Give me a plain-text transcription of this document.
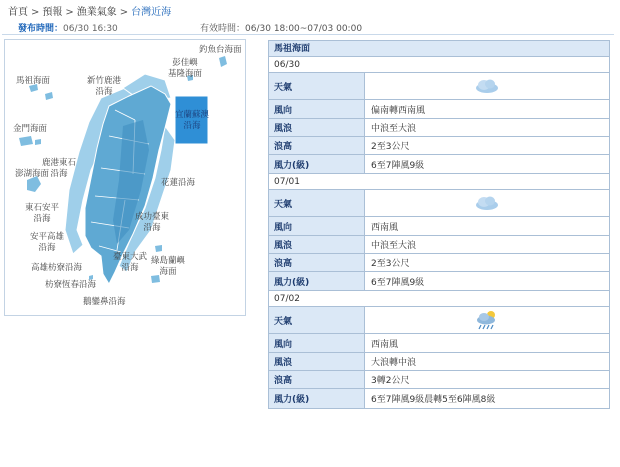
首頁 > 預報 > 漁業氣象 > 台灣近海
發布時間：06/30 16:30	有效時間：06/30 18:00~07/03 00:00
釣魚台海面
彭佳嶼
基隆海面
馬祖海面	新竹鹿港
沿海
宜蘭蘇澳
沿海
金門海面
鹿港東石
沿海
澎湖海面
花蓮沿海
東石安平
沿海	成功臺東
沿海
安平高雄
沿海
臺東大武
沿海
綠島蘭嶼
海面
高雄枋寮沿海
枋寮恆春沿海
鵝鑾鼻沿海
馬祖海面
06/30
天氣
風向	偏南轉西南風
風浪	中浪至大浪
浪高	2至3公尺
風力(級)	6至7陣風9級
07/01
天氣
風向	西南風
風浪	中浪至大浪
浪高	2至3公尺
風力(級)	6至7陣風9級
07/02
天氣
風向	西南風
風浪	大浪轉中浪
浪高	3轉2公尺
風力(級)	6至7陣風9級晨轉5至6陣風8級
